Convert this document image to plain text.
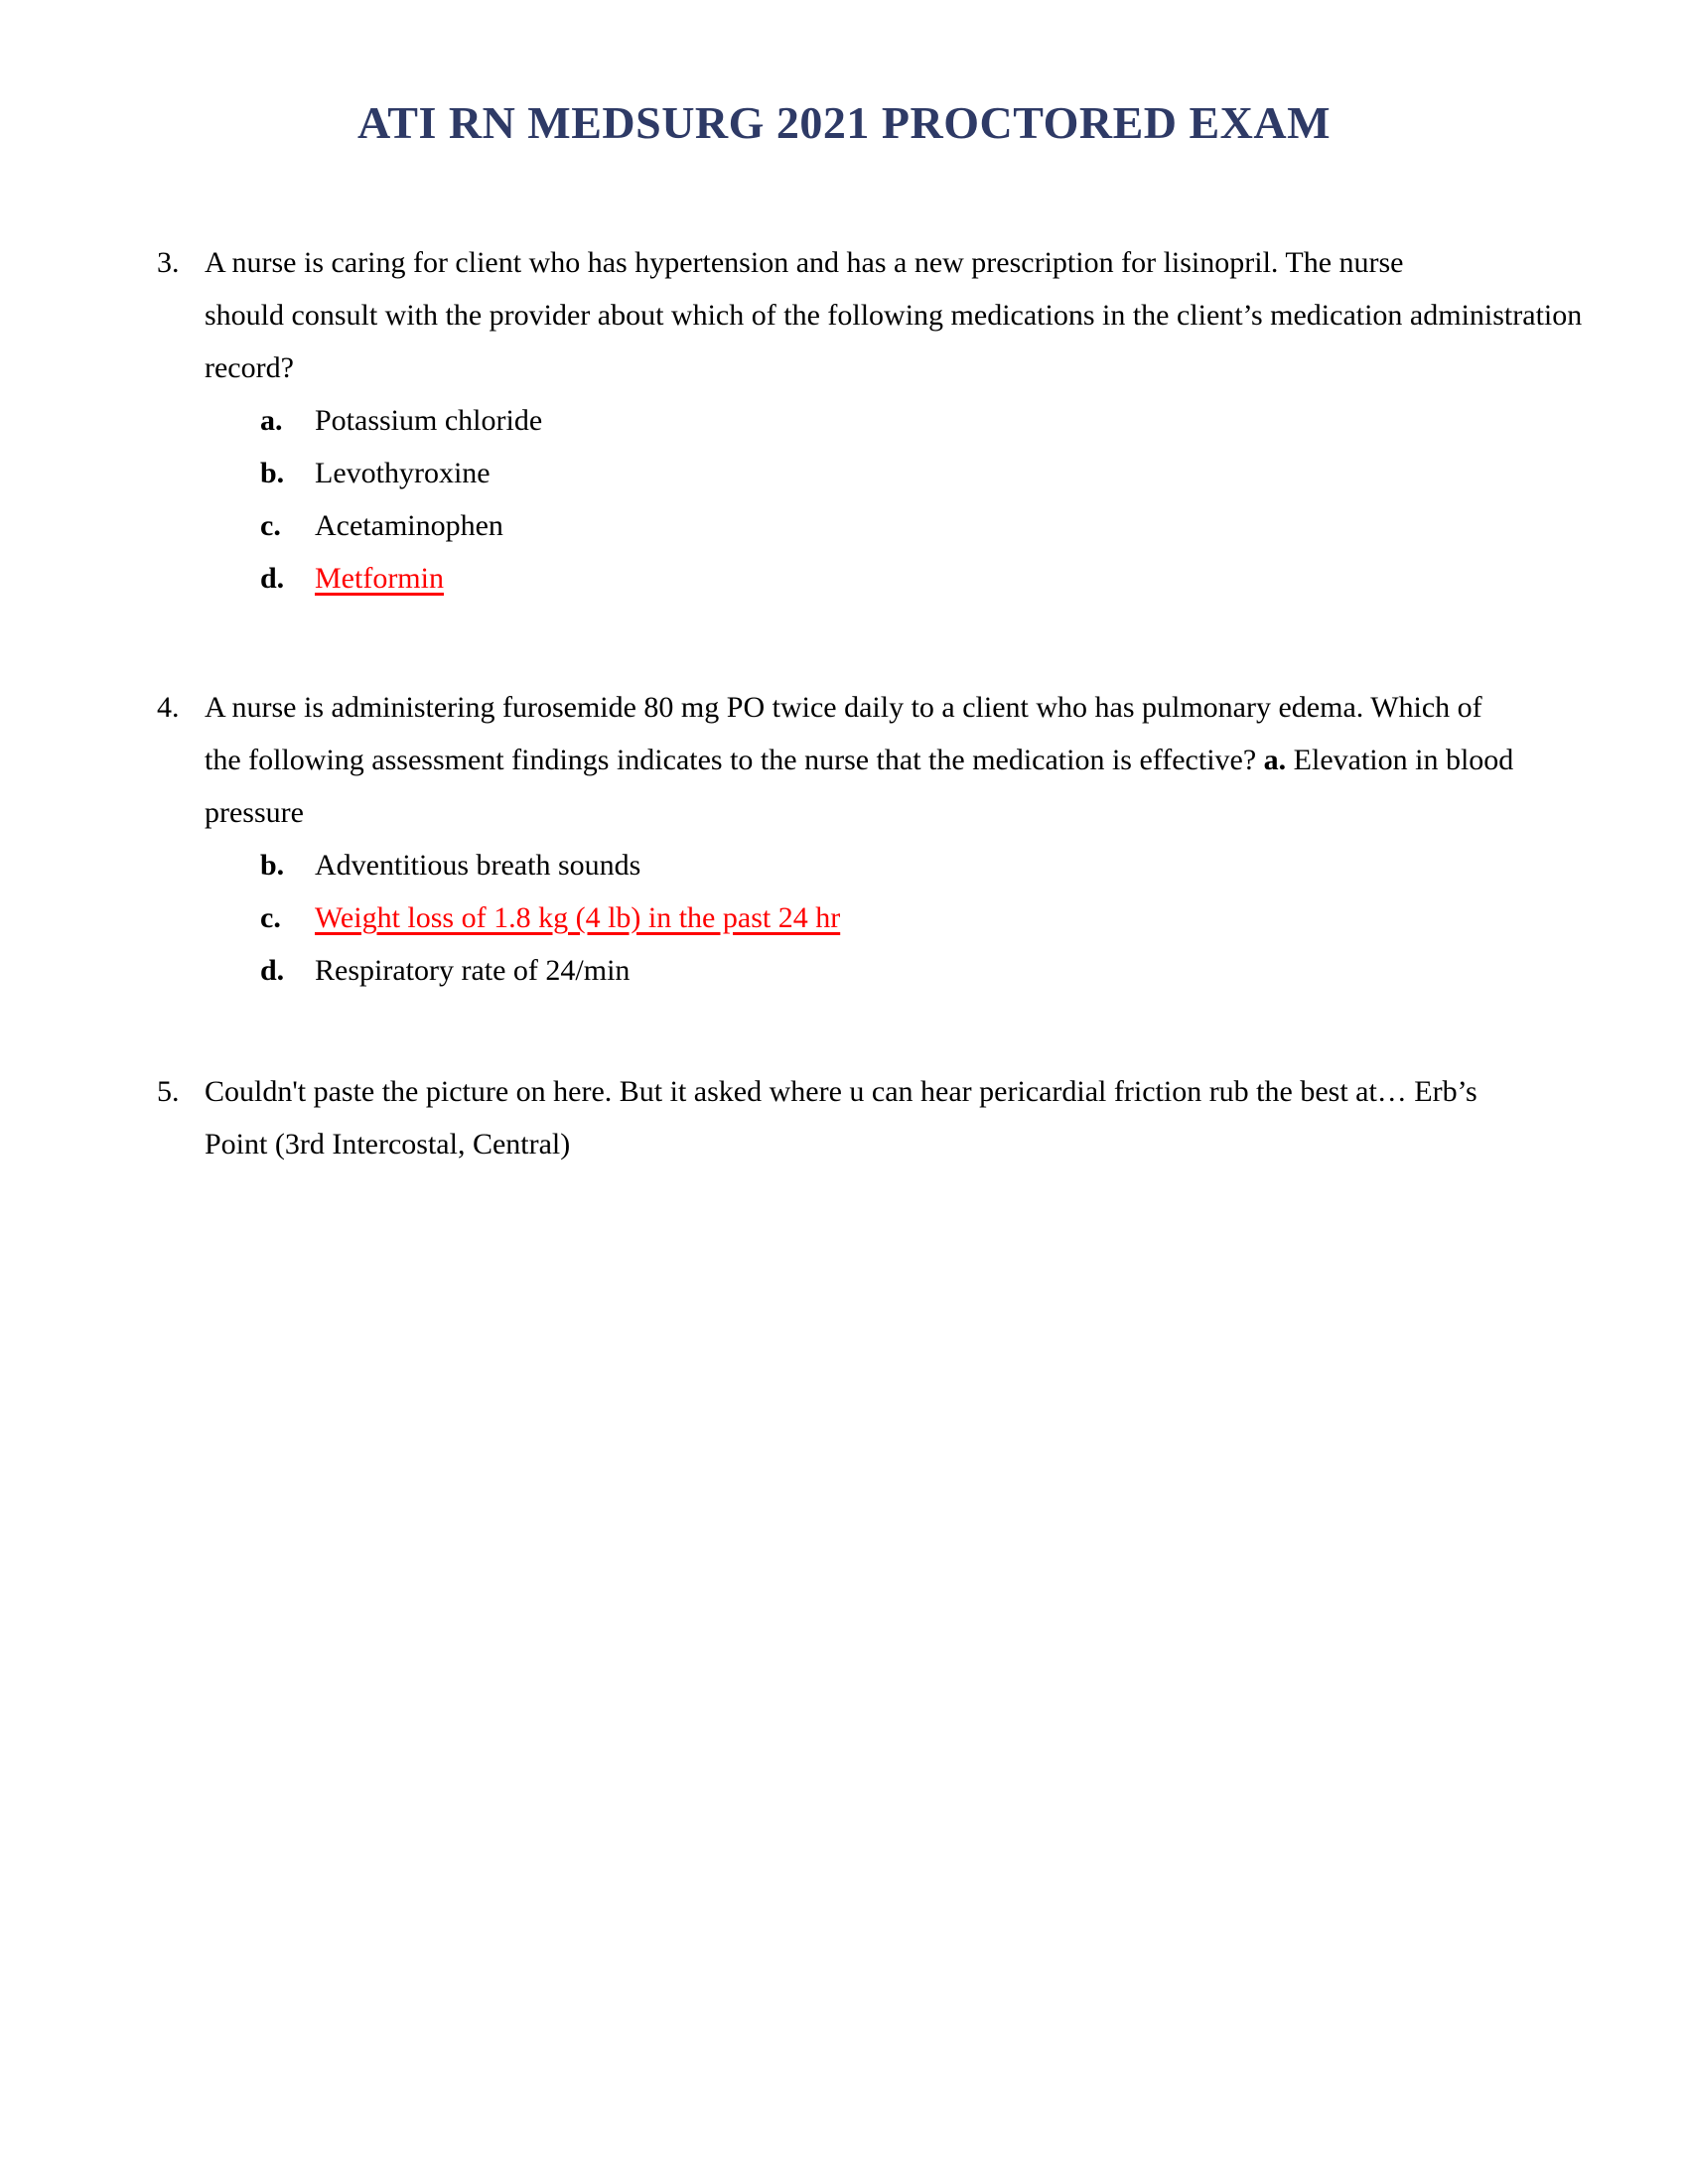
ATI RN MEDSURG 2021 PROCTORED EXAM
3. A nurse is caring for client who has hypertension and has a new prescription for lisinopril. The nurse
should consult with the provider about which of the following medications in the client’s medication administration
record?
a. Potassium chloride
b. Levothyroxine
c. Acetaminophen
d. Metformin
4. A nurse is administering furosemide 80 mg PO twice daily to a client who has pulmonary edema. Which of
the following assessment findings indicates to the nurse that the medication is effective? a. Elevation in blood
pressure
b. Adventitious breath sounds
c. Weight loss of 1.8 kg (4 lb) in the past 24 hr
d. Respiratory rate of 24/min
5. Couldn't paste the picture on here. But it asked where u can hear pericardial friction rub the best at… Erb’s
Point (3rd Intercostal, Central)
